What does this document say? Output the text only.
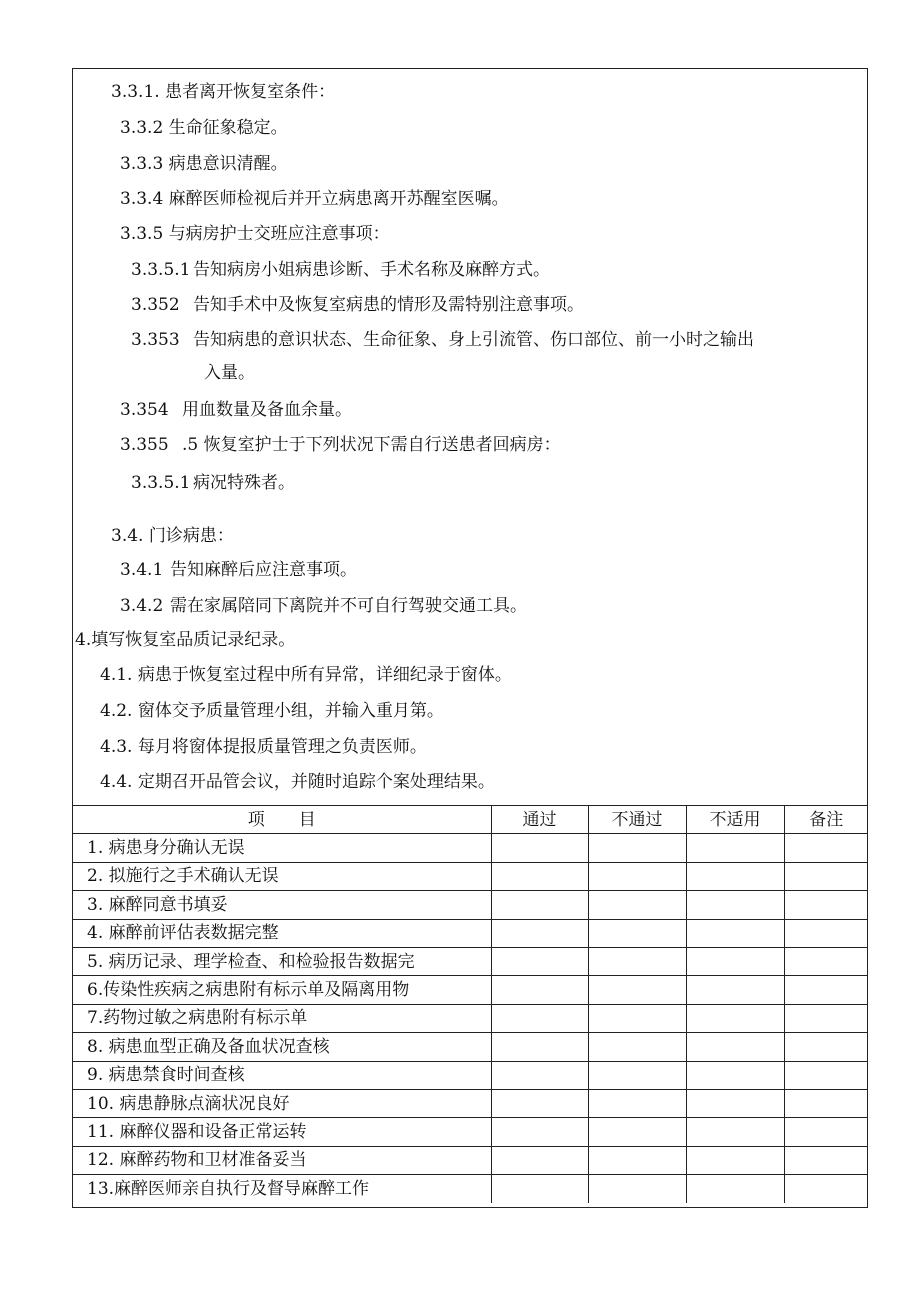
3.3.1. 患者离开恢复室条件：
3.3.2 生命征象稳定。
3.3.3 病患意识清醒。
3.3.4 麻醉医师检视后并开立病患离开苏醒室医嘱。
3.3.5 与病房护士交班应注意事项：
3.3.5.1 告知病房小姐病患诊断、手术名称及麻醉方式。
3.352 告知手术中及恢复室病患的情形及需特别注意事项。
3.353 告知病患的意识状态、生命征象、身上引流管、伤口部位、前一小时之输出
入量。
3.354 用血数量及备血余量。
3.355 .5 恢复室护士于下列状况下需自行送患者回病房：
3.3.5.1 病况特殊者。
3.4. 门诊病患：
3.4.1 告知麻醉后应注意事项。
3.4.2 需在家属陪同下离院并不可自行驾驶交通工具。
4.填写恢复室品质记录纪录。
4.1. 病患于恢复室过程中所有异常，详细纪录于窗体。
4.2. 窗体交予质量管理小组，并输入重月第。
4.3. 每月将窗体提报质量管理之负责医师。
4.4. 定期召开品管会议，并随时追踪个案处理结果。
项　　目	通过	不通过	不适用	备注
1. 病患身分确认无误				
2. 拟施行之手术确认无误				
3. 麻醉同意书填妥				
4. 麻醉前评估表数据完整				
5. 病历记录、理学检查、和检验报告数据完				
6.传染性疾病之病患附有标示单及隔离用物				
7.药物过敏之病患附有标示单				
8. 病患血型正确及备血状况查核				
9. 病患禁食时间查核				
10. 病患静脉点滴状况良好				
11. 麻醉仪器和设备正常运转				
12. 麻醉药物和卫材准备妥当				
13.麻醉医师亲自执行及督导麻醉工作				
